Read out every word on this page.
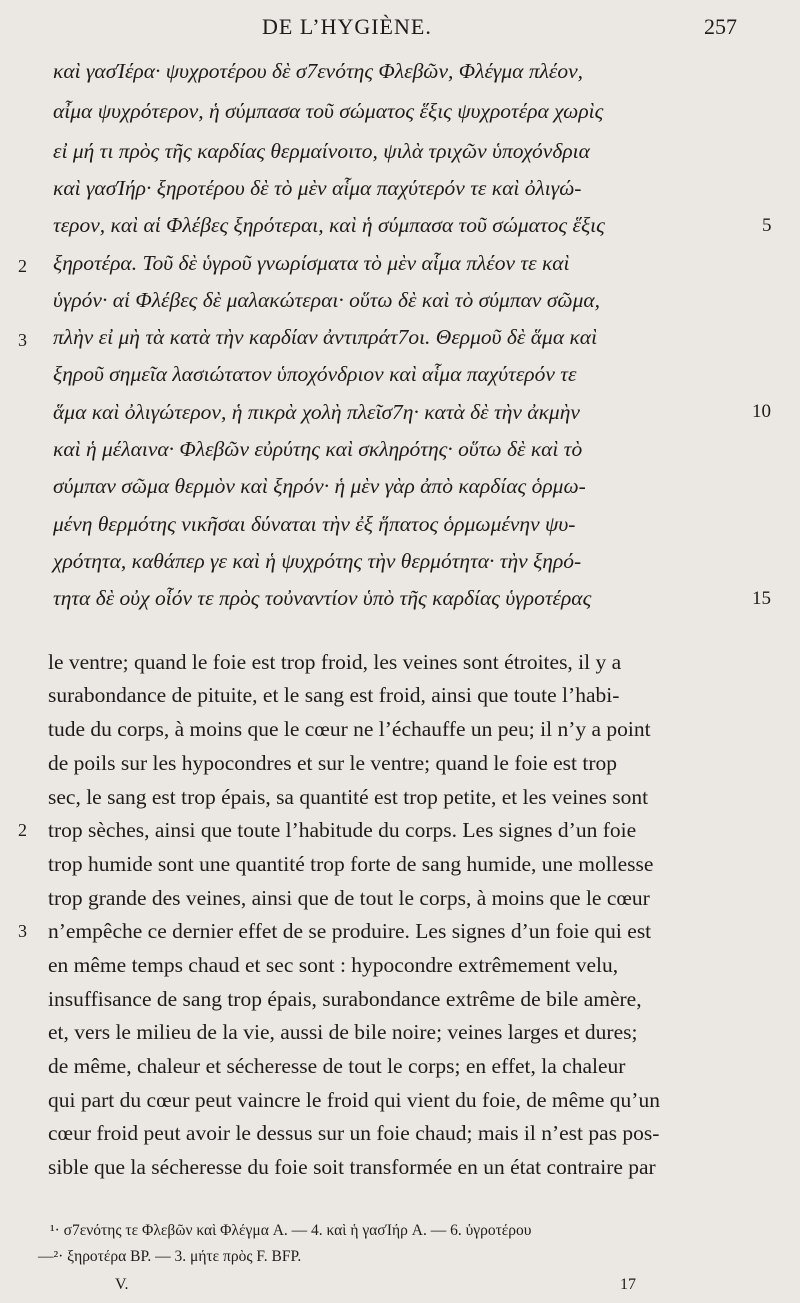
DE L’HYGIÈNE.	257
καὶ γασΊέρα· ψυχροτέρου δὲ σ7ενότης Φλεβῶν, Φλέγμα πλέον,
αἶμα ψυχρότερον, ἡ σύμπασα τοῦ σώματος ἕξις ψυχροτέρα χωρὶς
εἰ μή τι πρὸς τῆς καρδίας θερμαίνοιτο, ψιλὰ τριχῶν ὑποχόνδρια
καὶ γασΊήρ· ξηροτέρου δὲ τὸ μὲν αἷμα παχύτερόν τε καὶ ὀλιγώ-
τερον, καὶ αἱ Φλέβες ξηρότεραι, καὶ ἡ σύμπασα τοῦ σώματος ἕξις
ξηροτέρα. Τοῦ δὲ ὑγροῦ γνωρίσματα τὸ μὲν αἷμα πλέον τε καὶ
ὑγρόν· αἱ Φλέβες δὲ μαλακώτεραι· οὕτω δὲ καὶ τὸ σύμπαν σῶμα,
πλὴν εἰ μὴ τὰ κατὰ τὴν καρδίαν ἀντιπράτ7οι. Θερμοῦ δὲ ἅμα καὶ
ξηροῦ σημεῖα λασιώτατον ὑποχόνδριον καὶ αἷμα παχύτερόν τε
ἅμα καὶ ὀλιγώτερον, ἡ πικρὰ χολὴ πλεῖσ7η· κατὰ δὲ τὴν ἀκμὴν
καὶ ἡ μέλαινα· Φλεβῶν εὐρύτης καὶ σκληρότης· οὕτω δὲ καὶ τὸ
σύμπαν σῶμα θερμὸν καὶ ξηρόν· ἡ μὲν γὰρ ἀπὸ καρδίας ὁρμω-
μένη θερμότης νικῆσαι δύναται τὴν ἐξ ἥπατος ὁρμωμένην ψυ-
χρότητα, καθάπερ γε καὶ ἡ ψυχρότης τὴν θερμότητα· τὴν ξηρό-
τητα δὲ οὐχ οἷόν τε πρὸς τοὐναντίον ὑπὸ τῆς καρδίας ὑγροτέρας
5
10
15
2
3
le ventre; quand le foie est trop froid, les veines sont étroites, il y a
surabondance de pituite, et le sang est froid, ainsi que toute l’habi-
tude du corps, à moins que le cœur ne l’échauffe un peu; il n’y a point
de poils sur les hypocondres et sur le ventre; quand le foie est trop
sec, le sang est trop épais, sa quantité est trop petite, et les veines sont
trop sèches, ainsi que toute l’habitude du corps. Les signes d’un foie
trop humide sont une quantité trop forte de sang humide, une mollesse
trop grande des veines, ainsi que de tout le corps, à moins que le cœur
n’empêche ce dernier effet de se produire. Les signes d’un foie qui est
en même temps chaud et sec sont : hypocondre extrêmement velu,
insuffisance de sang trop épais, surabondance extrême de bile amère,
et, vers le milieu de la vie, aussi de bile noire; veines larges et dures;
de même, chaleur et sécheresse de tout le corps; en effet, la chaleur
qui part du cœur peut vaincre le froid qui vient du foie, de même qu’un
cœur froid peut avoir le dessus sur un foie chaud; mais il n’est pas pos-
sible que la sécheresse du foie soit transformée en un état contraire par
2
3
¹· σ7ενότης τε Φλεβῶν καὶ Φλέγμα A. — 4. καὶ ἡ γασΊήρ A. — 6. ὑγροτέρου
—²· ξηροτέρα BP. — 3. μήτε πρὸς F. BFP.
V.	17
